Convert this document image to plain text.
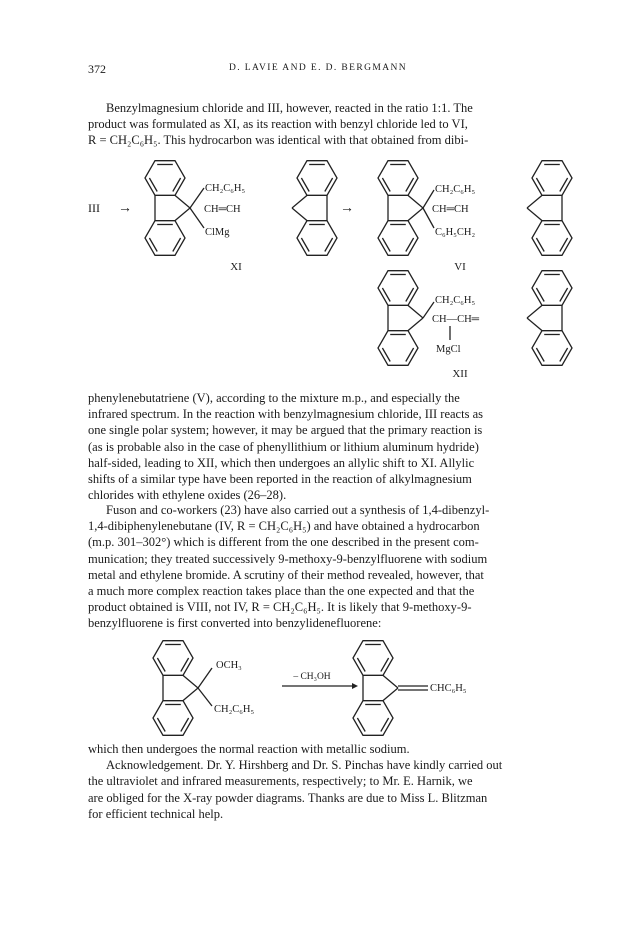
372	D. LAVIE AND E. D. BERGMANN

Benzylmagnesium chloride and III, however, reacted in the ratio 1:1. The
product was formulated as XI, as its reaction with benzyl chloride led to VI,
R = CH₂C₆H₅. This hydrocarbon was identical with that obtained from dibi-

III →
CH₂C₆H₅
CH═CH
ClMg
XI
→
CH₂C₆H₅
CH═CH
C₆H₅CH₂
VI
CH₂C₆H₅
CH—CH═
MgCl
XII
OCH₃
CH₂C₆H₅
– CH₃OH
CHC₆H₅

phenylenebutatriene (V), according to the mixture m.p., and especially the
infrared spectrum. In the reaction with benzylmagnesium chloride, III reacts as
one single polar system; however, it may be argued that the primary reaction is
(as is probable also in the case of phenyllithium or lithium aluminum hydride)
half-sided, leading to XII, which then undergoes an allylic shift to XI. Allylic
shifts of a similar type have been reported in the reaction of alkylmagnesium
chlorides with ethylene oxides (26–28).

Fuson and co-workers (23) have also carried out a synthesis of 1,4-dibenzyl-
1,4-dibiphenylenebutane (IV, R = CH₂C₆H₅) and have obtained a hydrocarbon
(m.p. 301–302°) which is different from the one described in the present com-
munication; they treated successively 9-methoxy-9-benzylfluorene with sodium
metal and ethylene bromide. A scrutiny of their method revealed, however, that
a much more complex reaction takes place than the one expected and that the
product obtained is VIII, not IV, R = CH₂C₆H₅. It is likely that 9-methoxy-9-
benzylfluorene is first converted into benzylidenefluorene:

which then undergoes the normal reaction with metallic sodium.
Acknowledgement. Dr. Y. Hirshberg and Dr. S. Pinchas have kindly carried out
the ultraviolet and infrared measurements, respectively; to Mr. E. Harnik, we
are obliged for the X-ray powder diagrams. Thanks are due to Miss L. Blitzman
for efficient technical help.
